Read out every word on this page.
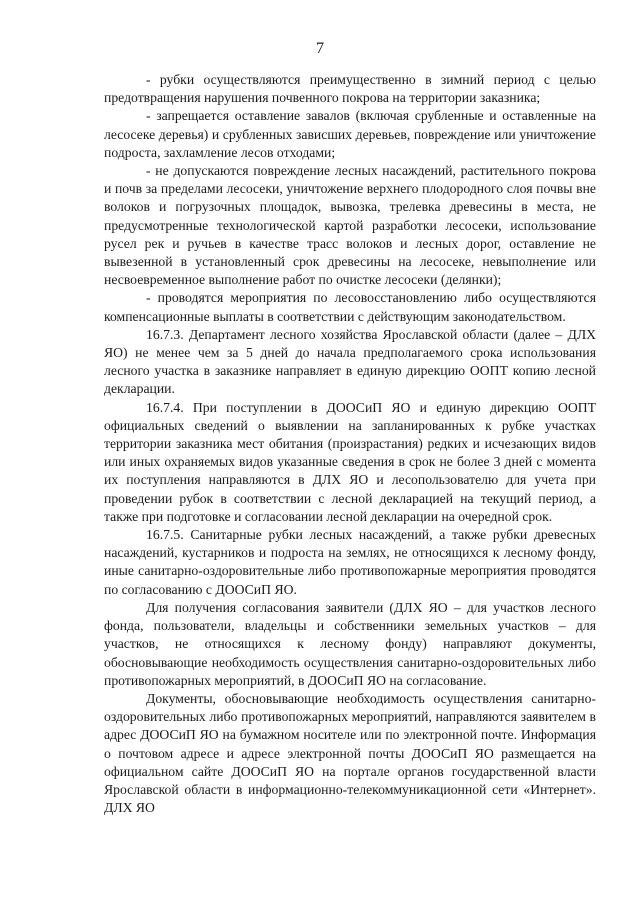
7

- рубки осуществляются преимущественно в зимний период с целью предотвращения нарушения почвенного покрова на территории заказника;

- запрещается оставление завалов (включая срубленные и оставленные на лесосеке деревья) и срубленных зависших деревьев, повреждение или уничтожение подроста, захламление лесов отходами;

- не допускаются повреждение лесных насаждений, растительного покрова и почв за пределами лесосеки, уничтожение верхнего плодородного слоя почвы вне волоков и погрузочных площадок, вывозка, трелевка древесины в места, не предусмотренные технологической картой разработки лесосеки, использование русел рек и ручьев в качестве трасс волоков и лесных дорог, оставление не вывезенной в установленный срок древесины на лесосеке, невыполнение или несвоевременное выполнение работ по очистке лесосеки (делянки);

- проводятся мероприятия по лесовосстановлению либо осуществляются компенсационные выплаты в соответствии с действующим законодательством.

16.7.3. Департамент лесного хозяйства Ярославской области (далее – ДЛХ ЯО) не менее чем за 5 дней до начала предполагаемого срока использования лесного участка в заказнике направляет в единую дирекцию ООПТ копию лесной декларации.

16.7.4. При поступлении в ДООСиП ЯО и единую дирекцию ООПТ официальных сведений о выявлении на запланированных к рубке участках территории заказника мест обитания (произрастания) редких и исчезающих видов или иных охраняемых видов указанные сведения в срок не более 3 дней с момента их поступления направляются в ДЛХ ЯО и лесопользователю для учета при проведении рубок в соответствии с лесной декларацией на текущий период, а также при подготовке и согласовании лесной декларации на очередной срок.

16.7.5. Санитарные рубки лесных насаждений, а также рубки древесных насаждений, кустарников и подроста на землях, не относящихся к лесному фонду, иные санитарно-оздоровительные либо противопожарные мероприятия проводятся по согласованию с ДООСиП ЯО.

Для получения согласования заявители (ДЛХ ЯО – для участков лесного фонда, пользователи, владельцы и собственники земельных участков – для участков, не относящихся к лесному фонду) направляют документы, обосновывающие необходимость осуществления санитарно-оздоровительных либо противопожарных мероприятий, в ДООСиП ЯО на согласование.

Документы, обосновывающие необходимость осуществления санитарно-оздоровительных либо противопожарных мероприятий, направляются заявителем в адрес ДООСиП ЯО на бумажном носителе или по электронной почте. Информация о почтовом адресе и адресе электронной почты ДООСиП ЯО размещается на официальном сайте ДООСиП ЯО на портале органов государственной власти Ярославской области в информационно-телекоммуникационной сети «Интернет». ДЛХ ЯО
